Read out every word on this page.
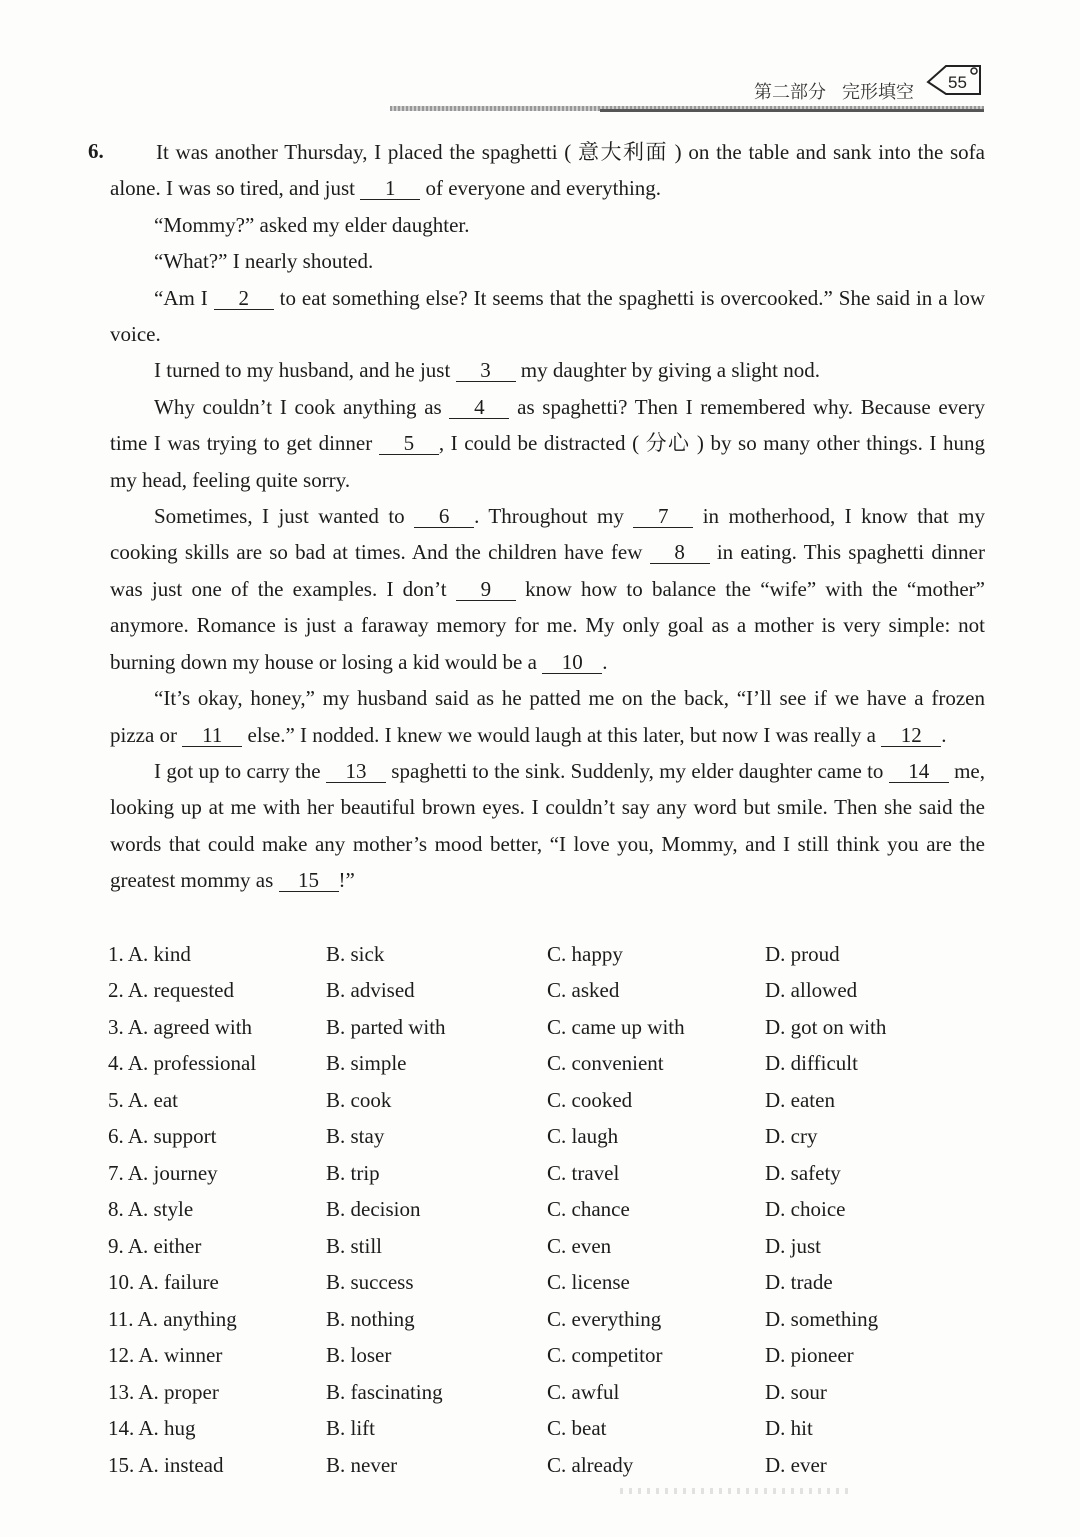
第二部分 完形填空 55
6.	It was another Thursday, I placed the spaghetti ( 意大利面 ) on the table and sank into the sofa alone. I was so tired, and just 1 of everyone and everything.

“Mommy?” asked my elder daughter.

“What?” I nearly shouted.

“Am I 2 to eat something else? It seems that the spaghetti is overcooked.” She said in a low voice.

I turned to my husband, and he just 3 my daughter by giving a slight nod.

Why couldn’t I cook anything as 4 as spaghetti? Then I remembered why. Because every time I was trying to get dinner 5 , I could be distracted ( 分心 ) by so many other things. I hung my head, feeling quite sorry.

Sometimes, I just wanted to 6 . Throughout my 7 in motherhood, I know that my cooking skills are so bad at times. And the children have few 8 in eating. This spaghetti dinner was just one of the examples. I don’t 9 know how to balance the “wife” with the “mother” anymore. Romance is just a faraway memory for me. My only goal as a mother is very simple: not burning down my house or losing a kid would be a 10 .

“It’s okay, honey,” my husband said as he patted me on the back, “I’ll see if we have a frozen pizza or 11 else.” I nodded. I knew we would laugh at this later, but now I was really a 12 .

I got up to carry the 13 spaghetti to the sink. Suddenly, my elder daughter came to 14 me, looking up at me with her beautiful brown eyes. I couldn’t say any word but smile. Then she said the words that could make any mother’s mood better, “I love you, Mommy, and I still think you are the greatest mommy as 15 !”

1. A. kind	B. sick	C. happy	D. proud
2. A. requested	B. advised	C. asked	D. allowed
3. A. agreed with	B. parted with	C. came up with	D. got on with
4. A. professional	B. simple	C. convenient	D. difficult
5. A. eat	B. cook	C. cooked	D. eaten
6. A. support	B. stay	C. laugh	D. cry
7. A. journey	B. trip	C. travel	D. safety
8. A. style	B. decision	C. chance	D. choice
9. A. either	B. still	C. even	D. just
10. A. failure	B. success	C. license	D. trade
11. A. anything	B. nothing	C. everything	D. something
12. A. winner	B. loser	C. competitor	D. pioneer
13. A. proper	B. fascinating	C. awful	D. sour
14. A. hug	B. lift	C. beat	D. hit
15. A. instead	B. never	C. already	D. ever
